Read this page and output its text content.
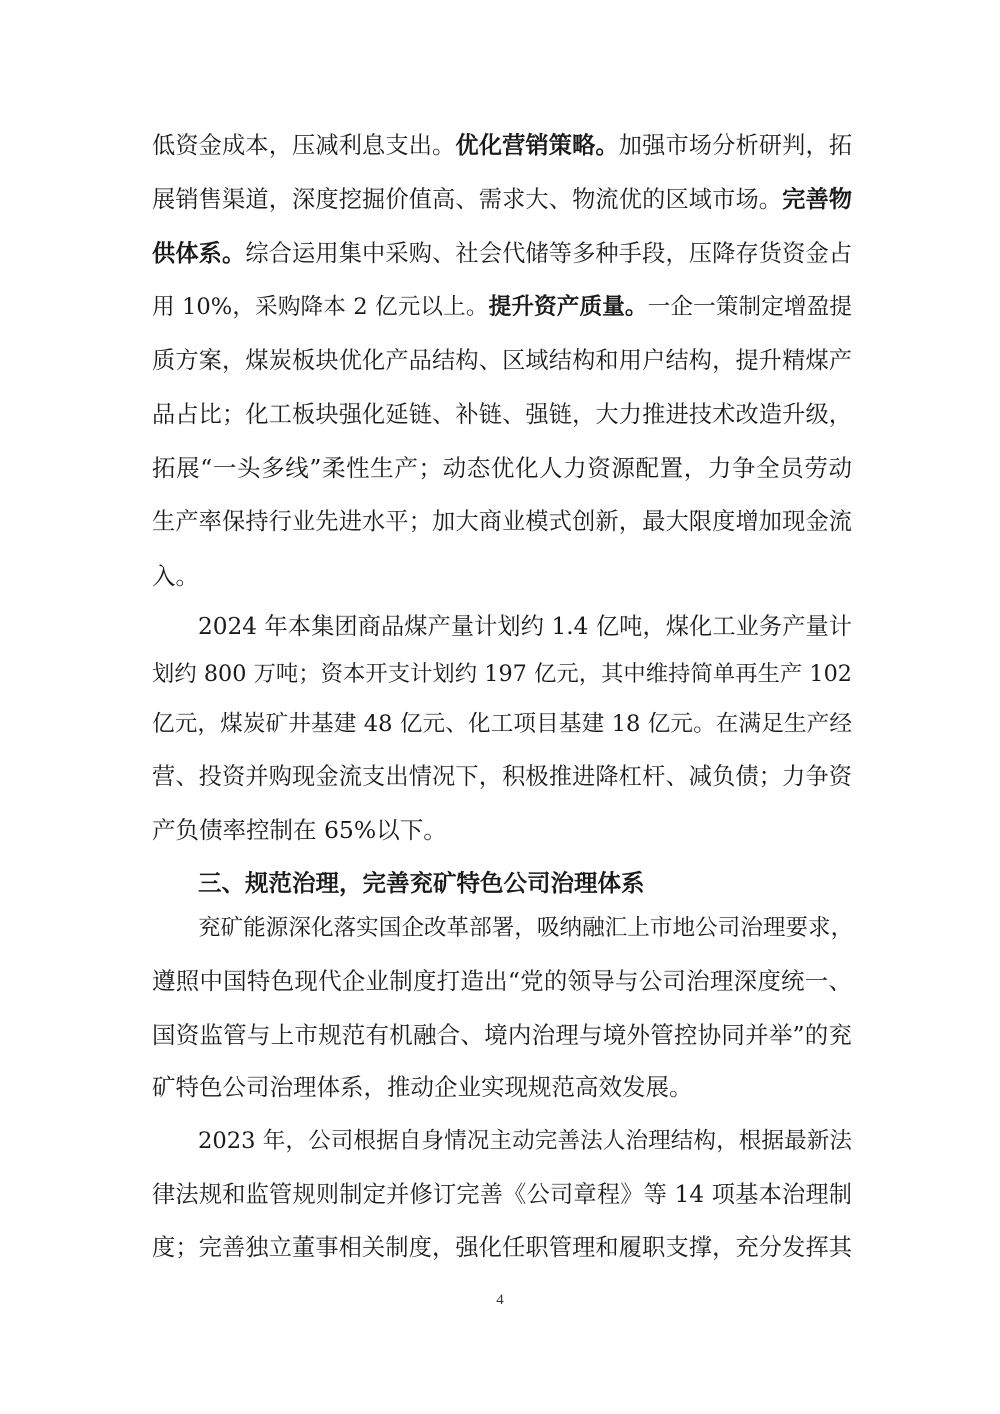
低资金成本，压减利息支出。优化营销策略。加强市场分析研判，拓
展销售渠道，深度挖掘价值高、需求大、物流优的区域市场。完善物
供体系。综合运用集中采购、社会代储等多种手段，压降存货资金占
用 10%，采购降本 2 亿元以上。提升资产质量。一企一策制定增盈提
质方案，煤炭板块优化产品结构、区域结构和用户结构，提升精煤产
品占比；化工板块强化延链、补链、强链，大力推进技术改造升级，
拓展“一头多线”柔性生产；动态优化人力资源配置，力争全员劳动
生产率保持行业先进水平；加大商业模式创新，最大限度增加现金流
入。
2024 年本集团商品煤产量计划约 1.4 亿吨，煤化工业务产量计
划约 800 万吨；资本开支计划约 197 亿元，其中维持简单再生产 102
亿元，煤炭矿井基建 48 亿元、化工项目基建 18 亿元。在满足生产经
营、投资并购现金流支出情况下，积极推进降杠杆、减负债；力争资
产负债率控制在 65%以下。
三、规范治理，完善兖矿特色公司治理体系
兖矿能源深化落实国企改革部署，吸纳融汇上市地公司治理要求，
遵照中国特色现代企业制度打造出“党的领导与公司治理深度统一、
国资监管与上市规范有机融合、境内治理与境外管控协同并举”的兖
矿特色公司治理体系，推动企业实现规范高效发展。
2023 年，公司根据自身情况主动完善法人治理结构，根据最新法
律法规和监管规则制定并修订完善《公司章程》等 14 项基本治理制
度；完善独立董事相关制度，强化任职管理和履职支撑，充分发挥其
4
